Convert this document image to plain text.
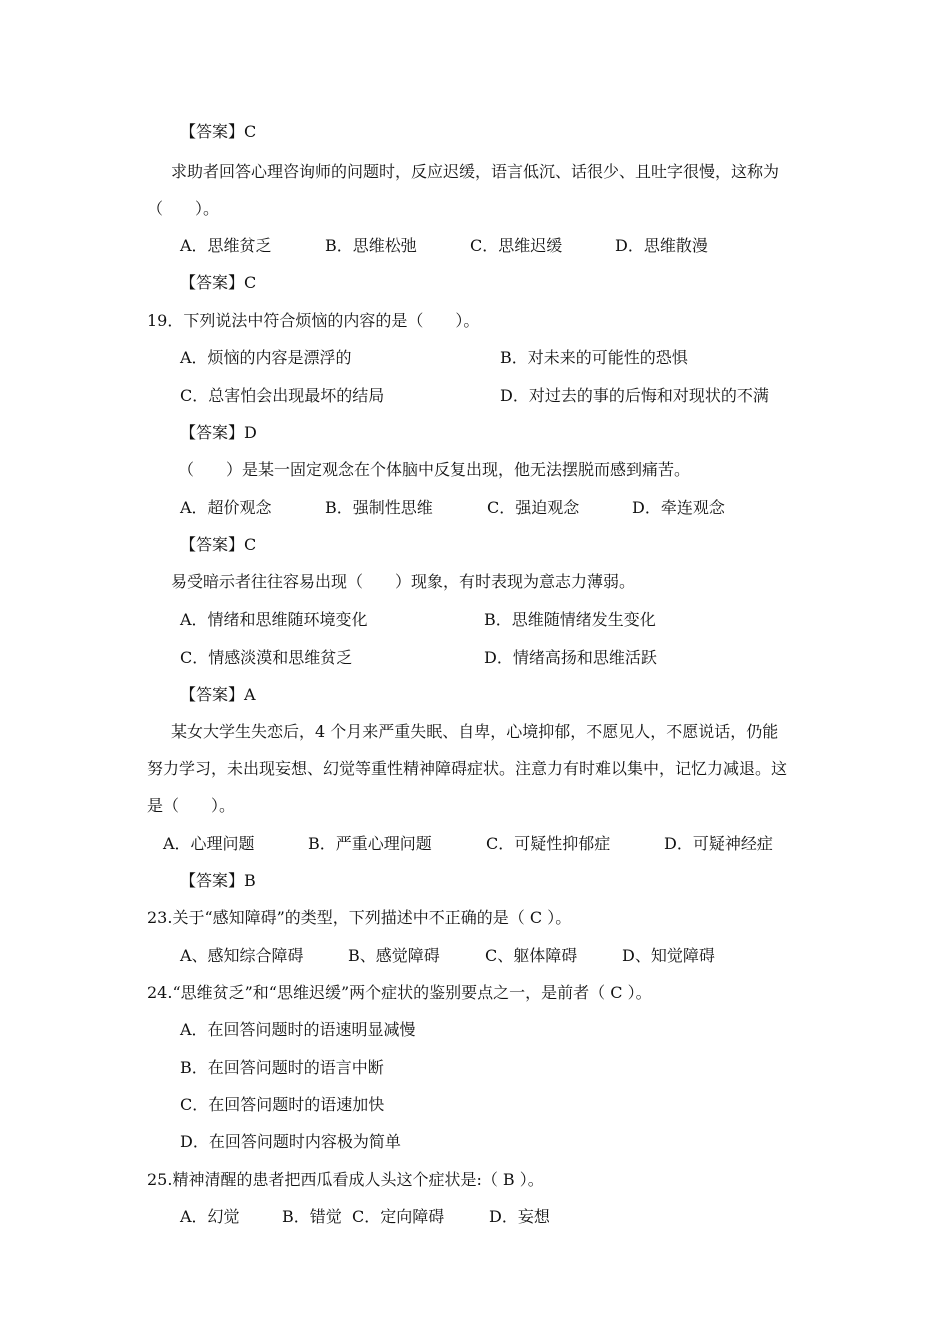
【答案】C
求助者回答心理咨询师的问题时，反应迟缓，语言低沉、话很少、且吐字很慢，这称为
（　　）。
A．思维贫乏	B．思维松弛	C．思维迟缓	D．思维散漫
【答案】C
19．下列说法中符合烦恼的内容的是（　　）。
A．烦恼的内容是漂浮的	B．对未来的可能性的恐惧
C．总害怕会出现最坏的结局	D．对过去的事的后悔和对现状的不满
【答案】D
（　　）是某一固定观念在个体脑中反复出现，他无法摆脱而感到痛苦。
A．超价观念	B．强制性思维	C．强迫观念	D．牵连观念
【答案】C
易受暗示者往往容易出现（　　）现象，有时表现为意志力薄弱。
A．情绪和思维随环境变化	B．思维随情绪发生变化
C．情感淡漠和思维贫乏	D．情绪高扬和思维活跃
【答案】A
某女大学生失恋后，4 个月来严重失眠、自卑，心境抑郁，不愿见人，不愿说话，仍能
努力学习，未出现妄想、幻觉等重性精神障碍症状。注意力有时难以集中，记忆力减退。这
是（　　）。
A．心理问题	B．严重心理问题	C．可疑性抑郁症	D．可疑神经症
【答案】B
23.关于“感知障碍”的类型，下列描述中不正确的是（ C ）。
A、感知综合障碍	B、感觉障碍	C、躯体障碍	D、知觉障碍
24.“思维贫乏”和“思维迟缓”两个症状的鉴别要点之一，是前者（ C ）。
A．在回答问题时的语速明显减慢
B．在回答问题时的语言中断
C．在回答问题时的语速加快
D．在回答问题时内容极为简单
25.精神清醒的患者把西瓜看成人头这个症状是:（ B ）。
A．幻觉	B．错觉 C．定向障碍	D．妄想
